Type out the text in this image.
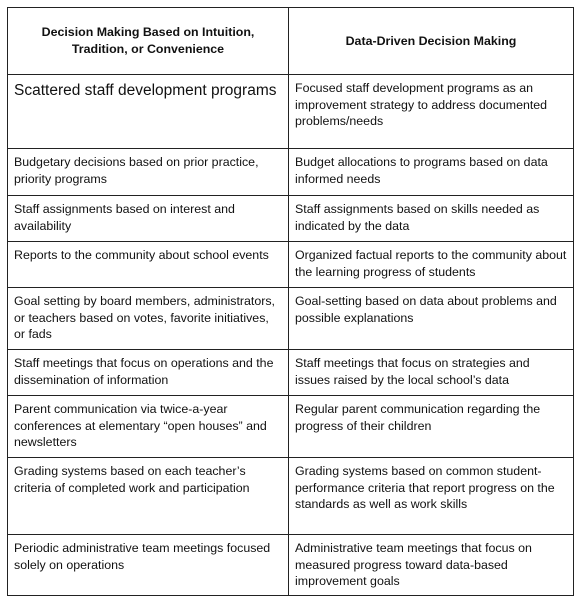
Decision Making Based on Intuition, Tradition, or Convenience	Data-Driven Decision Making
Scattered staff development programs	Focused staff development programs as an improvement strategy to address documented problems/needs
Budgetary decisions based on prior practice, priority programs	Budget allocations to programs based on data informed needs
Staff assignments based on interest and availability	Staff assignments based on skills needed as indicated by the data
Reports to the community about school events	Organized factual reports to the community about the learning progress of students
Goal setting by board members, administrators, or teachers based on votes, favorite initiatives, or fads	Goal-setting based on data about problems and possible explanations
Staff meetings that focus on operations and the dissemination of information	Staff meetings that focus on strategies and issues raised by the local school’s data
Parent communication via twice-a-year conferences at elementary “open houses” and newsletters	Regular parent communication regarding the progress of their children
Grading systems based on each teacher’s criteria of completed work and participation	Grading systems based on common student-performance criteria that report progress on the standards as well as work skills
Periodic administrative team meetings focused solely on operations	Administrative team meetings that focus on measured progress toward data-based improvement goals
